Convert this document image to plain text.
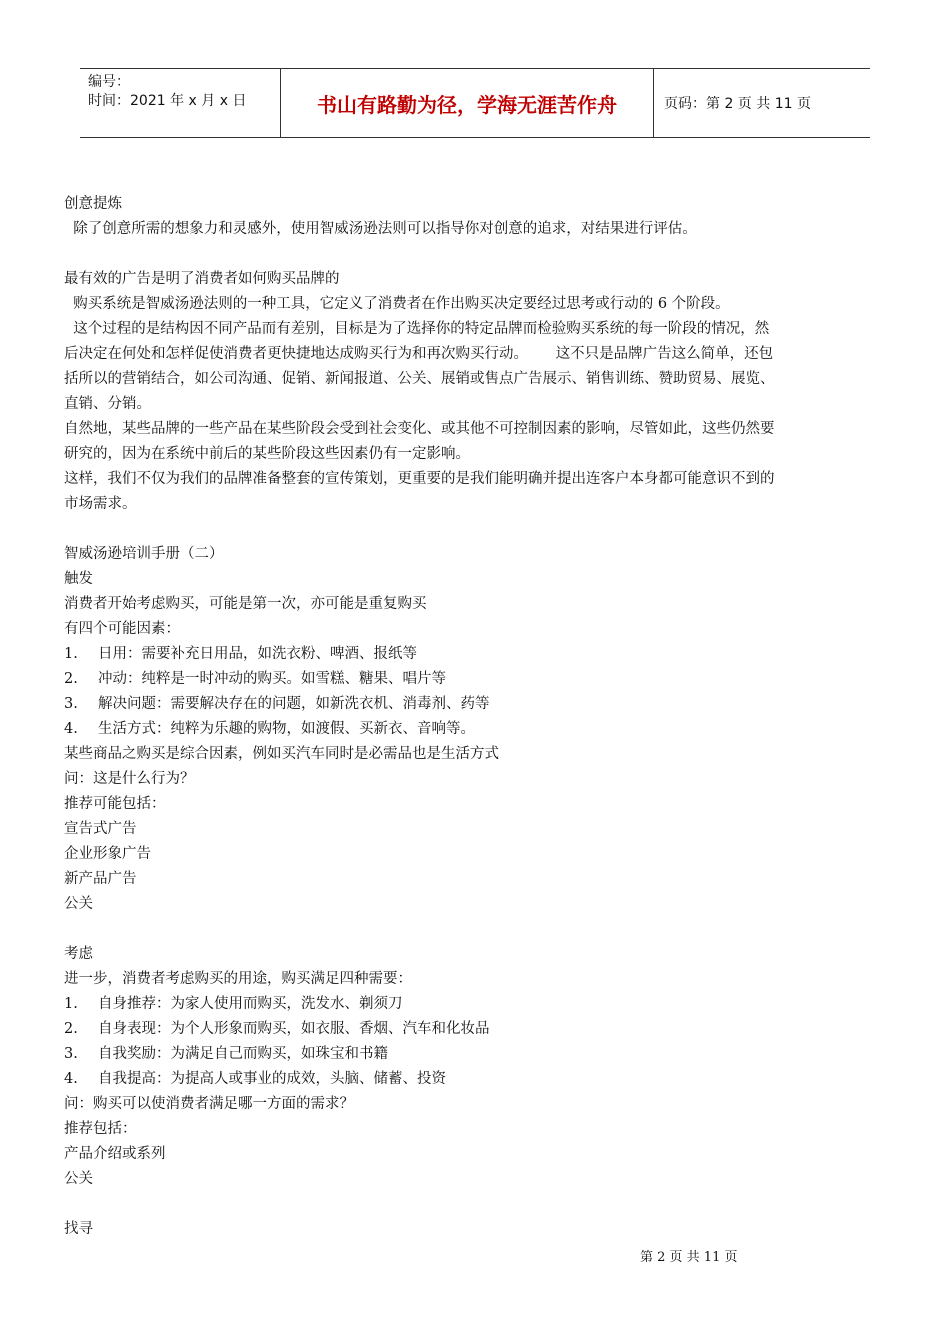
编号：
时间：2021 年 x 月 x 日	书山有路勤为径，学海无涯苦作舟	页码：第 2 页 共 11 页
创意提炼
除了创意所需的想象力和灵感外，使用智威汤逊法则可以指导你对创意的追求，对结果进行评估。
最有效的广告是明了消费者如何购买品牌的
购买系统是智威汤逊法则的一种工具，它定义了消费者在作出购买决定要经过思考或行动的 6 个阶段。
这个过程的是结构因不同产品而有差别，目标是为了选择你的特定品牌而检验购买系统的每一阶段的情况，然
后决定在何处和怎样促使消费者更快捷地达成购买行为和再次购买行动。      这不只是品牌广告这么简单，还包
括所以的营销结合，如公司沟通、促销、新闻报道、公关、展销或售点广告展示、销售训练、赞助贸易、展览、
直销、分销。
自然地，某些品牌的一些产品在某些阶段会受到社会变化、或其他不可控制因素的影响，尽管如此，这些仍然要
研究的，因为在系统中前后的某些阶段这些因素仍有一定影响。
这样，我们不仅为我们的品牌准备整套的宣传策划，更重要的是我们能明确并提出连客户本身都可能意识不到的
市场需求。
智威汤逊培训手册（二）
触发
消费者开始考虑购买，可能是第一次，亦可能是重复购买
有四个可能因素：
1.	日用：需要补充日用品，如洗衣粉、啤酒、报纸等
2.	冲动：纯粹是一时冲动的购买。如雪糕、糖果、唱片等
3.	解决问题：需要解决存在的问题，如新洗衣机、消毒剂、药等
4.	生活方式：纯粹为乐趣的购物，如渡假、买新衣、音响等。
某些商品之购买是综合因素，例如买汽车同时是必需品也是生活方式
问：这是什么行为？
推荐可能包括：
宣告式广告
企业形象广告
新产品广告
公关
考虑
进一步，消费者考虑购买的用途，购买满足四种需要：
1.	自身推荐：为家人使用而购买，洗发水、剃须刀
2.	自身表现：为个人形象而购买，如衣服、香烟、汽车和化妆品
3.	自我奖励：为满足自己而购买，如珠宝和书籍
4.	自我提高：为提高人或事业的成效，头脑、储蓄、投资
问：购买可以使消费者满足哪一方面的需求？
推荐包括：
产品介绍或系列
公关
找寻
第 2 页 共 11 页
